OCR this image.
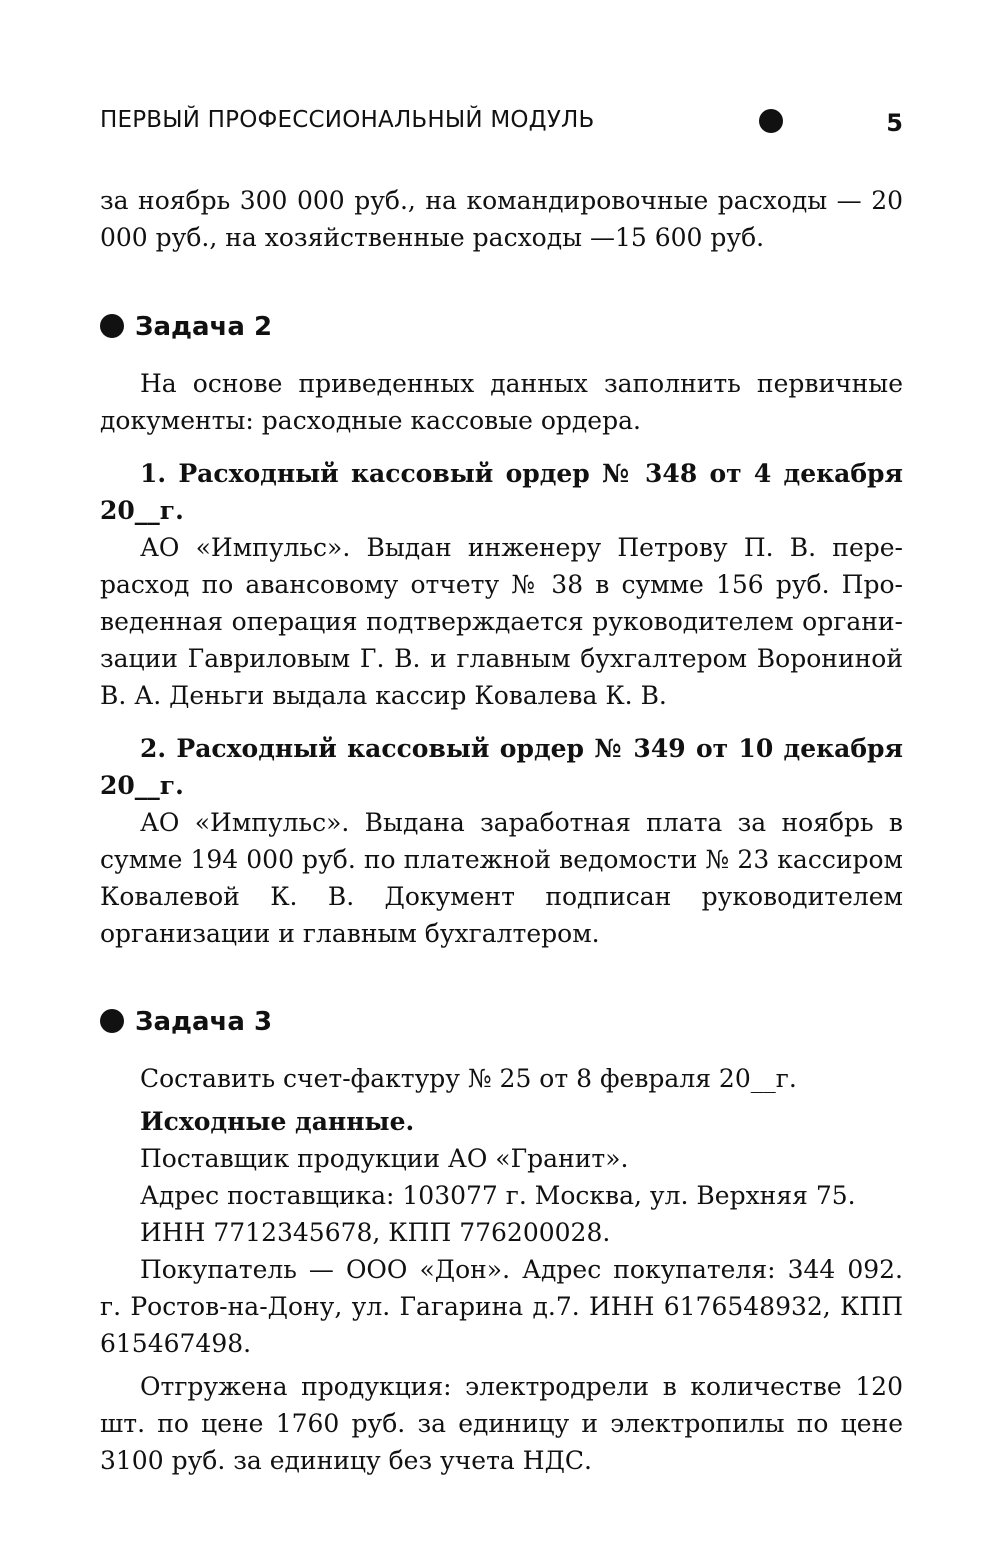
ПЕРВЫЙ ПРОФЕССИОНАЛЬНЫЙ МОДУЛЬ	5

за ноябрь 300 000 руб., на командировочные расходы — 20 000 руб., на хозяйственные расходы —15 600 руб.

Задача 2

На основе приведенных данных заполнить первичные документы: расходные кассовые ордера.

1. Расходный кассовый ордер № 348 от 4 декабря 20__г.

АО «Импульс». Выдан инженеру Петрову П. В. перерасход по авансовому отчету № 38 в сумме 156 руб. Проведенная операция подтверждается руководителем организации Гавриловым Г. В. и главным бухгалтером Ворониной В. А. Деньги выдала кассир Ковалева К. В.

2. Расходный кассовый ордер № 349 от 10 декабря 20__г.

АО «Импульс». Выдана заработная плата за ноябрь в сумме 194 000 руб. по платежной ведомости № 23 кассиром Ковалевой К. В. Документ подписан руководителем организации и главным бухгалтером.

Задача 3

Составить счет-фактуру № 25 от 8 февраля 20__г.

Исходные данные.

Поставщик продукции АО «Гранит».

Адрес поставщика: 103077 г. Москва, ул. Верхняя 75.

ИНН 7712345678, КПП 776200028.

Покупатель — ООО «Дон». Адрес покупателя: 344 092. г. Ростов-на-Дону, ул. Гагарина д.7. ИНН 6176548932, КПП 615467498.

Отгружена продукция: электродрели в количестве 120 шт. по цене 1760 руб. за единицу и электропилы по цене 3100 руб. за единицу без учета НДС.
